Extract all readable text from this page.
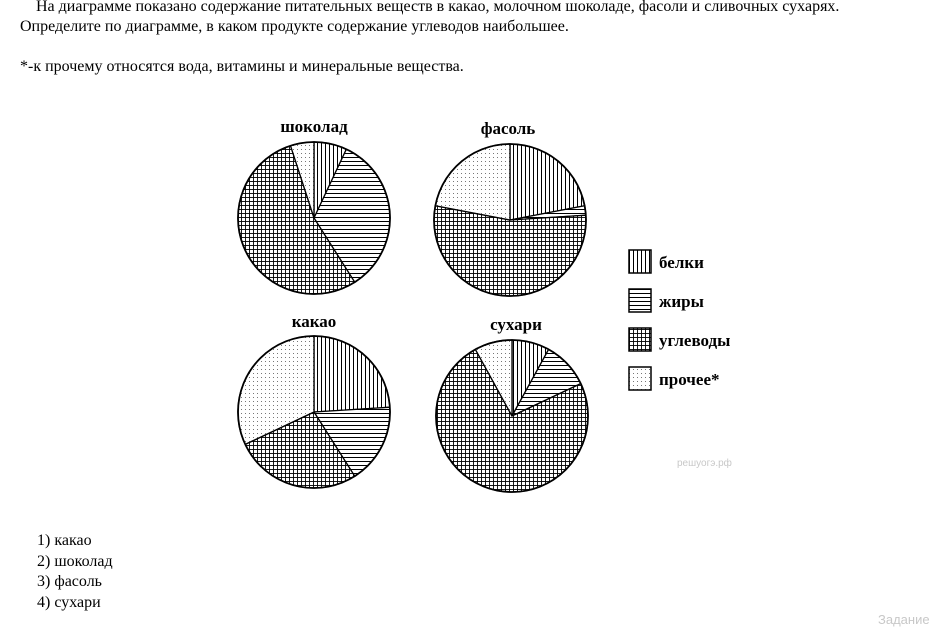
На диаграмме показано содержание питательных веществ в какао, молочном шоколаде, фасоли и сливочных сухарях.

Определите по диаграмме, в каком продукте содержание углеводов наибольшее.

*-к прочему относятся вода, витамины и минеральные вещества.

шоколад	фасоль
какао	сухари
белки
жиры
углеводы
прочее*
решуогэ.рф
1) какао
2) шоколад
3) фасоль
4) сухари
Задание
